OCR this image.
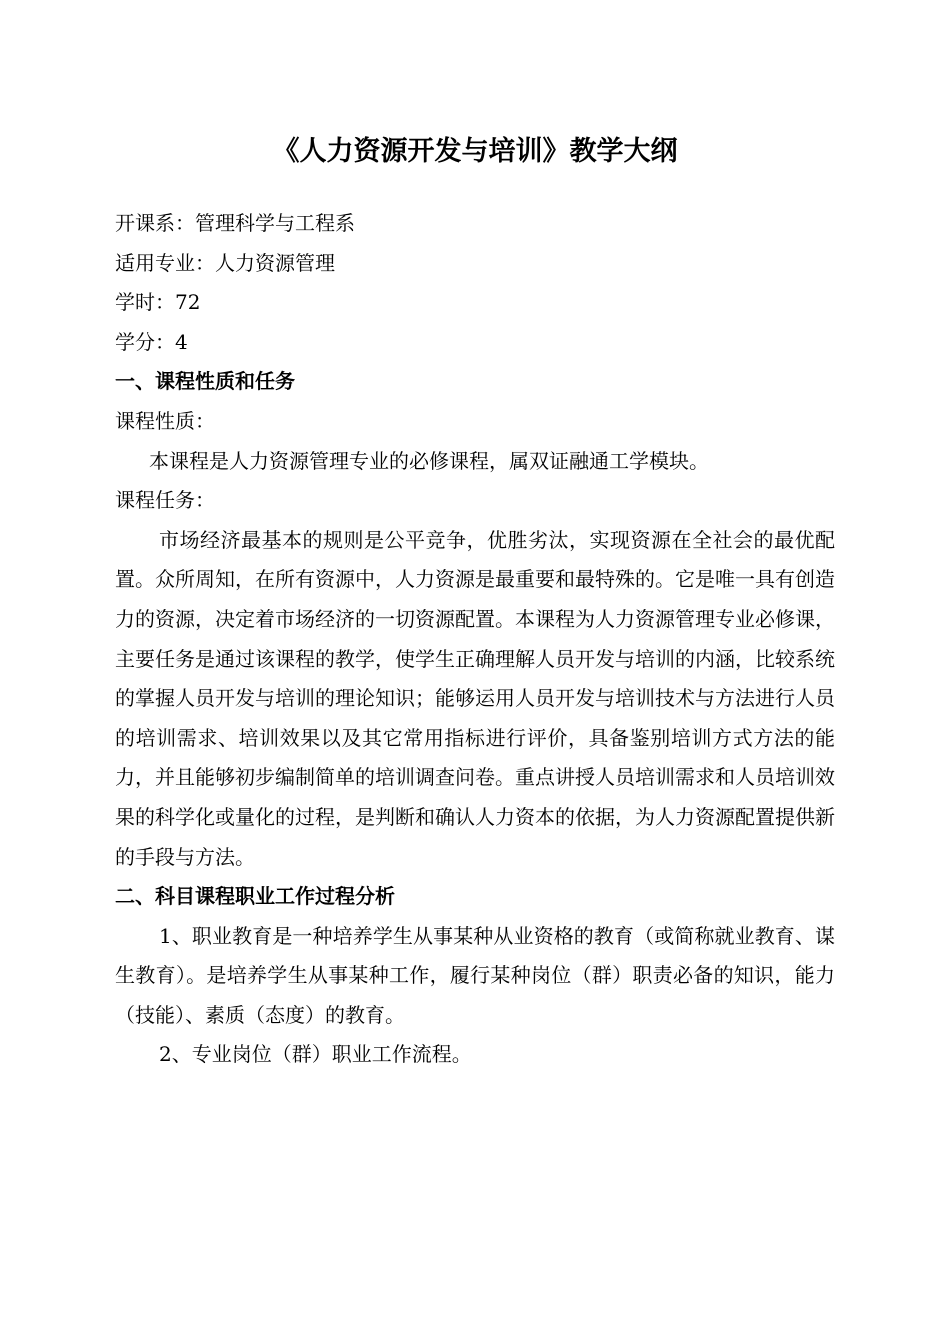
《人力资源开发与培训》教学大纲

开课系：管理科学与工程系

适用专业：人力资源管理

学时：72

学分：4

一、课程性质和任务

课程性质：

本课程是人力资源管理专业的必修课程，属双证融通工学模块。

课程任务：

市场经济最基本的规则是公平竞争，优胜劣汰，实现资源在全社会的最优配置。众所周知，在所有资源中，人力资源是最重要和最特殊的。它是唯一具有创造力的资源，决定着市场经济的一切资源配置。本课程为人力资源管理专业必修课，主要任务是通过该课程的教学，使学生正确理解人员开发与培训的内涵，比较系统的掌握人员开发与培训的理论知识；能够运用人员开发与培训技术与方法进行人员的培训需求、培训效果以及其它常用指标进行评价，具备鉴别培训方式方法的能力，并且能够初步编制简单的培训调查问卷。重点讲授人员培训需求和人员培训效果的科学化或量化的过程，是判断和确认人力资本的依据，为人力资源配置提供新的手段与方法。

二、科目课程职业工作过程分析

1、职业教育是一种培养学生从事某种从业资格的教育（或简称就业教育、谋生教育）。是培养学生从事某种工作，履行某种岗位（群）职责必备的知识，能力（技能）、素质（态度）的教育。

2、专业岗位（群）职业工作流程。
